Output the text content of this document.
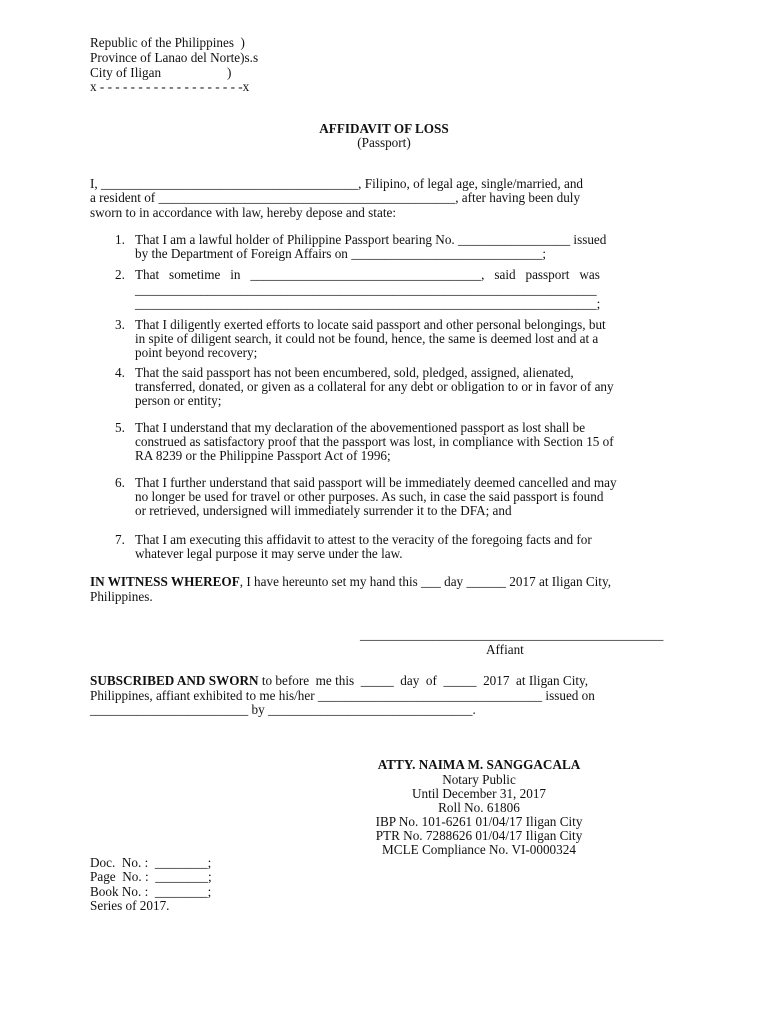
Republic of the Philippines  )
Province of Lanao del Norte)s.s
City of Iligan                    )
x - - - - - - - - - - - - - - - - - - -x
AFFIDAVIT OF LOSS
(Passport)
I, _______________________________________, Filipino, of legal age, single/married, and
a resident of _____________________________________________, after having been duly
sworn to in accordance with law, hereby depose and state:
1. That I am a lawful holder of Philippine Passport bearing No. _________________ issued
by the Department of Foreign Affairs on _____________________________;
2. That   sometime   in   ___________________________________,   said   passport   was
______________________________________________________________________
______________________________________________________________________;
3. That I diligently exerted efforts to locate said passport and other personal belongings, but
in spite of diligent search, it could not be found, hence, the same is deemed lost and at a
point beyond recovery;
4. That the said passport has not been encumbered, sold, pledged, assigned, alienated,
transferred, donated, or given as a collateral for any debt or obligation to or in favor of any
person or entity;
5. That I understand that my declaration of the abovementioned passport as lost shall be
construed as satisfactory proof that the passport was lost, in compliance with Section 15 of
RA 8239 or the Philippine Passport Act of 1996;
6. That I further understand that said passport will be immediately deemed cancelled and may
no longer be used for travel or other purposes. As such, in case the said passport is found
or retrieved, undersigned will immediately surrender it to the DFA; and
7. That I am executing this affidavit to attest to the veracity of the foregoing facts and for
whatever legal purpose it may serve under the law.
IN WITNESS WHEREOF, I have hereunto set my hand this ___ day ______ 2017 at Iligan City,
Philippines.
______________________________________________
Affiant
SUBSCRIBED AND SWORN to before  me this  _____  day  of  _____  2017  at Iligan City,
Philippines, affiant exhibited to me his/her __________________________________ issued on
________________________ by _______________________________.
ATTY. NAIMA M. SANGGACALA
Notary Public
Until December 31, 2017
Roll No. 61806
IBP No. 101-6261 01/04/17 Iligan City
PTR No. 7288626 01/04/17 Iligan City
MCLE Compliance No. VI-0000324
Doc.  No. :  ________;
Page  No. :  ________;
Book No. :  ________;
Series of 2017.
